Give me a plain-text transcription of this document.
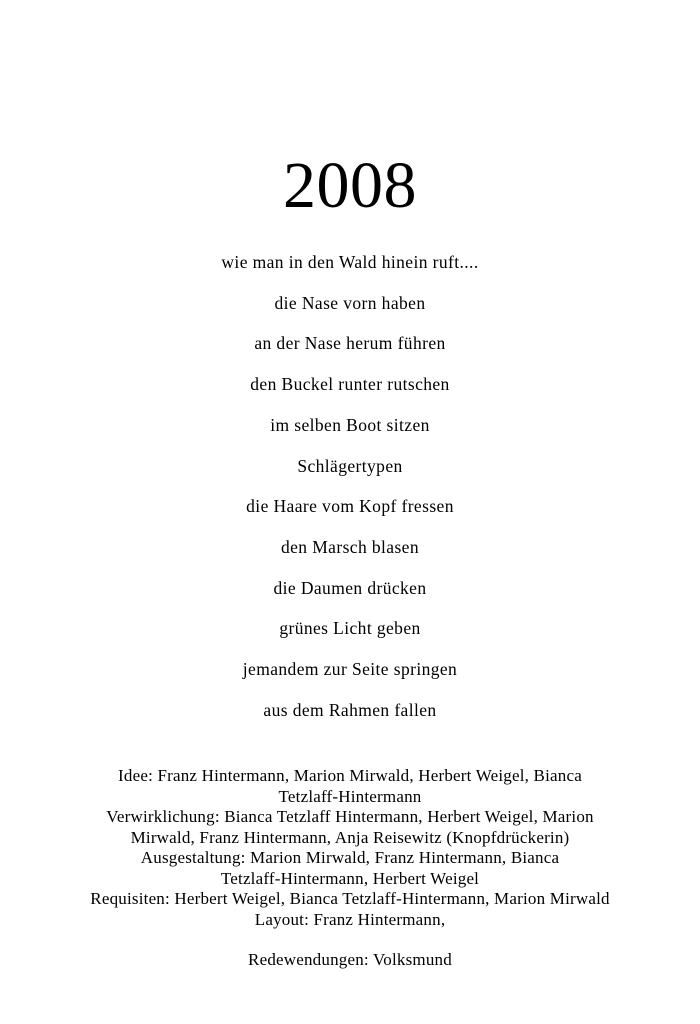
2008
wie man in den Wald hinein ruft....
die Nase vorn haben
an der Nase herum führen
den Buckel runter rutschen
im selben Boot sitzen
Schlägertypen
die Haare vom Kopf fressen
den Marsch blasen
die Daumen drücken
grünes Licht geben
jemandem zur Seite springen
aus dem Rahmen fallen
Idee: Franz Hintermann, Marion Mirwald, Herbert Weigel, Bianca
Tetzlaff-Hintermann
Verwirklichung: Bianca Tetzlaff Hintermann, Herbert Weigel, Marion
Mirwald, Franz Hintermann, Anja Reisewitz (Knopfdrückerin)
Ausgestaltung: Marion Mirwald, Franz Hintermann, Bianca
Tetzlaff-Hintermann, Herbert Weigel
Requisiten: Herbert Weigel, Bianca Tetzlaff-Hintermann, Marion Mirwald
Layout: Franz Hintermann,
Redewendungen: Volksmund
